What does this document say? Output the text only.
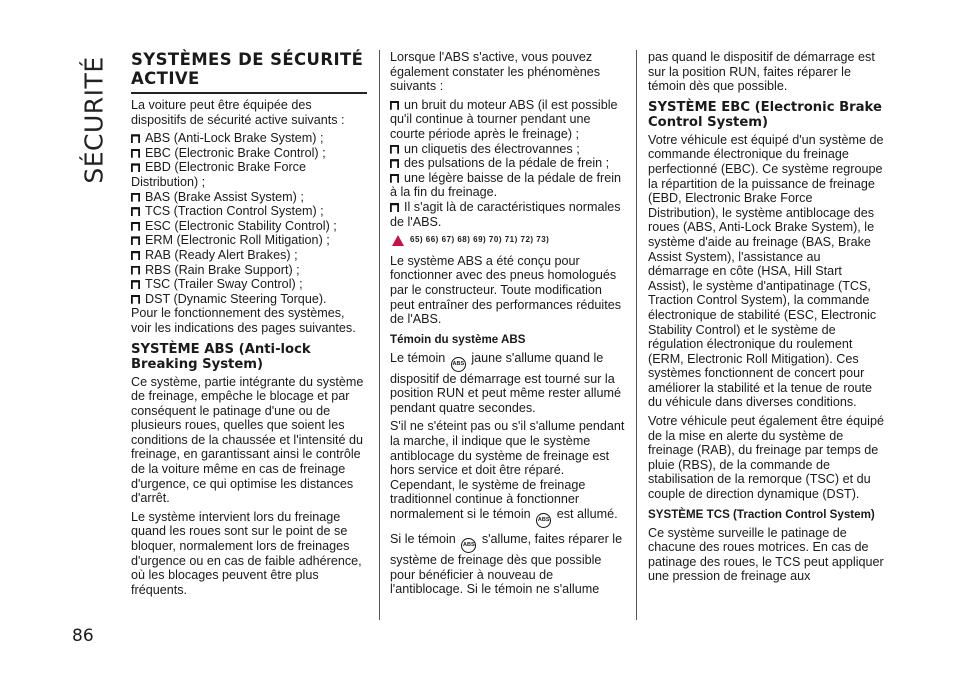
SÉCURITÉ SYSTÈMES DE SÉCURITÉ ACTIVE

La voiture peut être équipée des dispositifs de sécurité active suivants :

ABS (Anti-Lock Brake System) ;
EBC (Electronic Brake Control) ;
EBD (Electronic Brake Force Distribution) ;
BAS (Brake Assist System) ;
TCS (Traction Control System) ;
ESC (Electronic Stability Control) ;
ERM (Electronic Roll Mitigation) ;
RAB (Ready Alert Brakes) ;
RBS (Rain Brake Support) ;
TSC (Trailer Sway Control) ;
DST (Dynamic Steering Torque).

Pour le fonctionnement des systèmes, voir les indications des pages suivantes.

SYSTÈME ABS (Anti-lock Breaking System)

Ce système, partie intégrante du système de freinage, empêche le blocage et par conséquent le patinage d'une ou de plusieurs roues, quelles que soient les conditions de la chaussée et l'intensité du freinage, en garantissant ainsi le contrôle de la voiture même en cas de freinage d'urgence, ce qui optimise les distances d'arrêt.

Le système intervient lors du freinage quand les roues sont sur le point de se bloquer, normalement lors de freinages d'urgence ou en cas de faible adhérence, où les blocages peuvent être plus fréquents.

Lorsque l'ABS s'active, vous pouvez également constater les phénomènes suivants :

un bruit du moteur ABS (il est possible qu'il continue à tourner pendant une courte période après le freinage) ;
un cliquetis des électrovannes ;
des pulsations de la pédale de frein ;
une légère baisse de la pédale de frein à la fin du freinage.
Il s'agit là de caractéristiques normales de l'ABS.
65) 66) 67) 68) 69) 70) 71) 72) 73)

Le système ABS a été conçu pour fonctionner avec des pneus homologués par le constructeur. Toute modification peut entraîner des performances réduites de l'ABS.

Témoin du système ABS

Le témoin ABS jaune s'allume quand le dispositif de démarrage est tourné sur la position RUN et peut même rester allumé pendant quatre secondes.

S'il ne s'éteint pas ou s'il s'allume pendant la marche, il indique que le système antiblocage du système de freinage est hors service et doit être réparé. Cependant, le système de freinage traditionnel continue à fonctionner normalement si le témoin ABS est allumé.

Si le témoin ABS s'allume, faites réparer le système de freinage dès que possible pour bénéficier à nouveau de l'antiblocage. Si le témoin ne s'allume

pas quand le dispositif de démarrage est sur la position RUN, faites réparer le témoin dès que possible.

SYSTÈME EBC (Electronic Brake Control System)

Votre véhicule est équipé d'un système de commande électronique du freinage perfectionné (EBC). Ce système regroupe la répartition de la puissance de freinage (EBD, Electronic Brake Force Distribution), le système antiblocage des roues (ABS, Anti-Lock Brake System), le système d'aide au freinage (BAS, Brake Assist System), l'assistance au démarrage en côte (HSA, Hill Start Assist), le système d'antipatinage (TCS, Traction Control System), la commande électronique de stabilité (ESC, Electronic Stability Control) et le système de régulation électronique du roulement (ERM, Electronic Roll Mitigation). Ces systèmes fonctionnent de concert pour améliorer la stabilité et la tenue de route du véhicule dans diverses conditions.

Votre véhicule peut également être équipé de la mise en alerte du système de freinage (RAB), du freinage par temps de pluie (RBS), de la commande de stabilisation de la remorque (TSC) et du couple de direction dynamique (DST).

SYSTÈME TCS (Traction Control System)

Ce système surveille le patinage de chacune des roues motrices. En cas de patinage des roues, le TCS peut appliquer une pression de freinage aux

86
